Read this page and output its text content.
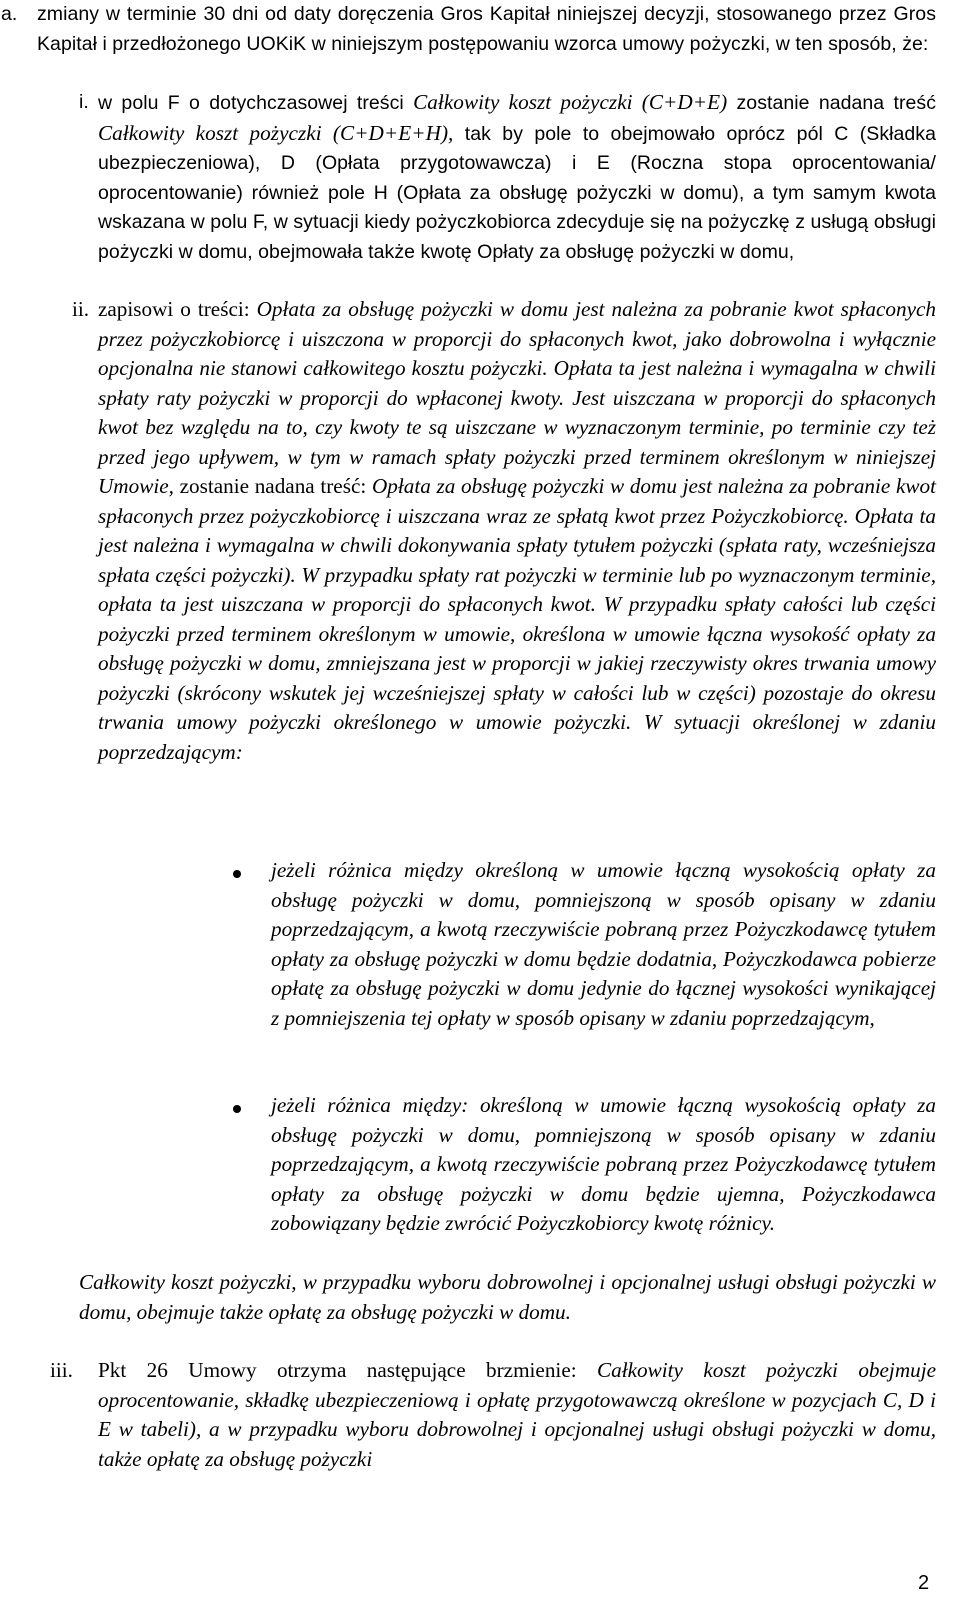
a. zmiany w terminie 30 dni od daty doręczenia Gros Kapitał niniejszej decyzji, stosowanego przez Gros Kapitał i przedłożonego UOKiK w niniejszym postępowaniu wzorca umowy pożyczki, w ten sposób, że:
i. w polu F o dotychczasowej treści Całkowity koszt pożyczki (C+D+E) zostanie nadana treść Całkowity koszt pożyczki (C+D+E+H), tak by pole to obejmowało oprócz pól C (Składka ubezpieczeniowa), D (Opłata przygotowawcza) i E (Roczna stopa oprocentowania/ oprocentowanie) również pole H (Opłata za obsługę pożyczki w domu), a tym samym kwota wskazana w polu F, w sytuacji kiedy pożyczkobiorca zdecyduje się na pożyczkę z usługą obsługi pożyczki w domu, obejmowała także kwotę Opłaty za obsługę pożyczki w domu,
ii. zapisowi o treści: Opłata za obsługę pożyczki w domu jest należna za pobranie kwot spłaconych przez pożyczkobiorcę i uiszczona w proporcji do spłaconych kwot, jako dobrowolna i wyłącznie opcjonalna nie stanowi całkowitego kosztu pożyczki. Opłata ta jest należna i wymagalna w chwili spłaty raty pożyczki w proporcji do wpłaconej kwoty. Jest uiszczana w proporcji do spłaconych kwot bez względu na to, czy kwoty te są uiszczane w wyznaczonym terminie, po terminie czy też przed jego upływem, w tym w ramach spłaty pożyczki przed terminem określonym w niniejszej Umowie, zostanie nadana treść: Opłata za obsługę pożyczki w domu jest należna za pobranie kwot spłaconych przez pożyczkobiorcę i uiszczana wraz ze spłatą kwot przez Pożyczkobiorcę. Opłata ta jest należna i wymagalna w chwili dokonywania spłaty tytułem pożyczki (spłata raty, wcześniejsza spłata części pożyczki). W przypadku spłaty rat pożyczki w terminie lub po wyznaczonym terminie, opłata ta jest uiszczana w proporcji do spłaconych kwot. W przypadku spłaty całości lub części pożyczki przed terminem określonym w umowie, określona w umowie łączna wysokość opłaty za obsługę pożyczki w domu, zmniejszana jest w proporcji w jakiej rzeczywisty okres trwania umowy pożyczki (skrócony wskutek jej wcześniejszej spłaty w całości lub w części) pozostaje do okresu trwania umowy pożyczki określonego w umowie pożyczki. W sytuacji określonej w zdaniu poprzedzającym:
jeżeli różnica między określoną w umowie łączną wysokością opłaty za obsługę pożyczki w domu, pomniejszoną w sposób opisany w zdaniu poprzedzającym, a kwotą rzeczywiście pobraną przez Pożyczkodawcę tytułem opłaty za obsługę pożyczki w domu będzie dodatnia, Pożyczkodawca pobierze opłatę za obsługę pożyczki w domu jedynie do łącznej wysokości wynikającej z pomniejszenia tej opłaty w sposób opisany w zdaniu poprzedzającym,
jeżeli różnica między: określoną w umowie łączną wysokością opłaty za obsługę pożyczki w domu, pomniejszoną w sposób opisany w zdaniu poprzedzającym, a kwotą rzeczywiście pobraną przez Pożyczkodawcę tytułem opłaty za obsługę pożyczki w domu będzie ujemna, Pożyczkodawca zobowiązany będzie zwrócić Pożyczkobiorcy kwotę różnicy.
Całkowity koszt pożyczki, w przypadku wyboru dobrowolnej i opcjonalnej usługi obsługi pożyczki w domu, obejmuje także opłatę za obsługę pożyczki w domu.
iii. Pkt 26 Umowy otrzyma następujące brzmienie: Całkowity koszt pożyczki obejmuje oprocentowanie, składkę ubezpieczeniową i opłatę przygotowawczą określone w pozycjach C, D i E w tabeli), a w przypadku wyboru dobrowolnej i opcjonalnej usługi obsługi pożyczki w domu, także opłatę za obsługę pożyczki
2
